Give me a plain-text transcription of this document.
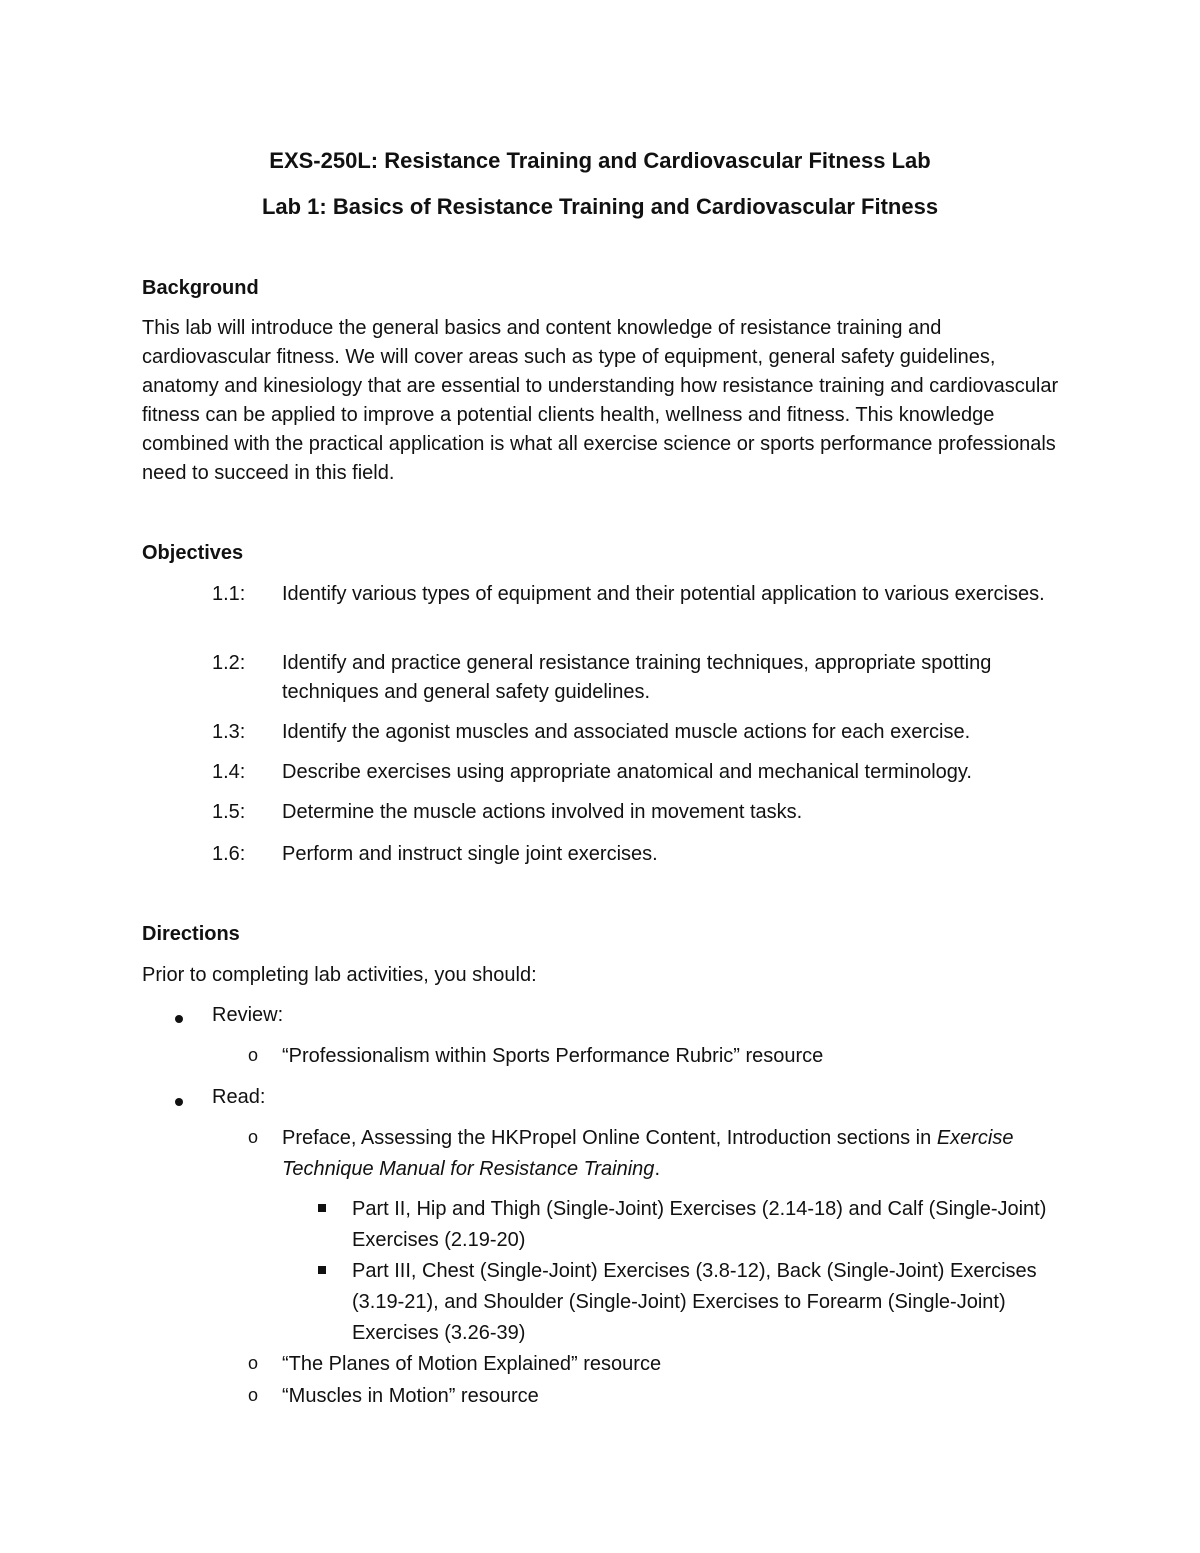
EXS-250L: Resistance Training and Cardiovascular Fitness Lab
Lab 1: Basics of Resistance Training and Cardiovascular Fitness
Background
This lab will introduce the general basics and content knowledge of resistance training and cardiovascular fitness. We will cover areas such as type of equipment, general safety guidelines, anatomy and kinesiology that are essential to understanding how resistance training and cardiovascular fitness can be applied to improve a potential clients health, wellness and fitness. This knowledge combined with the practical application is what all exercise science or sports performance professionals need to succeed in this field.
Objectives
1.1: Identify various types of equipment and their potential application to various exercises.
1.2: Identify and practice general resistance training techniques, appropriate spotting techniques and general safety guidelines.
1.3: Identify the agonist muscles and associated muscle actions for each exercise.
1.4: Describe exercises using appropriate anatomical and mechanical terminology.
1.5: Determine the muscle actions involved in movement tasks.
1.6: Perform and instruct single joint exercises.
Directions
Prior to completing lab activities, you should:
Review:
o “Professionalism within Sports Performance Rubric” resource
Read:
o Preface, Assessing the HKPropel Online Content, Introduction sections in Exercise Technique Manual for Resistance Training.
Part II, Hip and Thigh (Single-Joint) Exercises (2.14-18) and Calf (Single-Joint) Exercises (2.19-20)
Part III, Chest (Single-Joint) Exercises (3.8-12), Back (Single-Joint) Exercises (3.19-21), and Shoulder (Single-Joint) Exercises to Forearm (Single-Joint) Exercises (3.26-39)
o “The Planes of Motion Explained” resource
o “Muscles in Motion” resource
